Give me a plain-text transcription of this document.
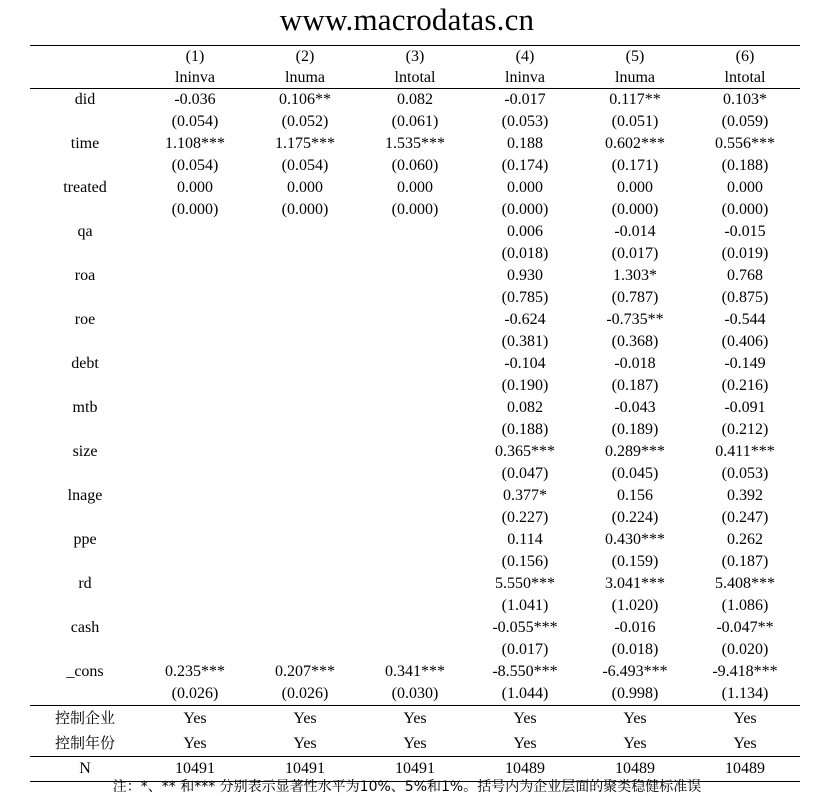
www.macrodatas.cn
	(1)	(2)	(3)	(4)	(5)	(6)
	lninva	lnuma	lntotal	lninva	lnuma	lntotal
did	-0.036	0.106**	0.082	-0.017	0.117**	0.103*
	(0.054)	(0.052)	(0.061)	(0.053)	(0.051)	(0.059)
time	1.108***	1.175***	1.535***	0.188	0.602***	0.556***
	(0.054)	(0.054)	(0.060)	(0.174)	(0.171)	(0.188)
treated	0.000	0.000	0.000	0.000	0.000	0.000
	(0.000)	(0.000)	(0.000)	(0.000)	(0.000)	(0.000)
qa				0.006	-0.014	-0.015
				(0.018)	(0.017)	(0.019)
roa				0.930	1.303*	0.768
				(0.785)	(0.787)	(0.875)
roe				-0.624	-0.735**	-0.544
				(0.381)	(0.368)	(0.406)
debt				-0.104	-0.018	-0.149
				(0.190)	(0.187)	(0.216)
mtb				0.082	-0.043	-0.091
				(0.188)	(0.189)	(0.212)
size				0.365***	0.289***	0.411***
				(0.047)	(0.045)	(0.053)
lnage				0.377*	0.156	0.392
				(0.227)	(0.224)	(0.247)
ppe				0.114	0.430***	0.262
				(0.156)	(0.159)	(0.187)
rd				5.550***	3.041***	5.408***
				(1.041)	(1.020)	(1.086)
cash				-0.055***	-0.016	-0.047**
				(0.017)	(0.018)	(0.020)
_cons	0.235***	0.207***	0.341***	-8.550***	-6.493***	-9.418***
	(0.026)	(0.026)	(0.030)	(1.044)	(0.998)	(1.134)
控制企业	Yes	Yes	Yes	Yes	Yes	Yes
控制年份	Yes	Yes	Yes	Yes	Yes	Yes
N	10491	10491	10491	10489	10489	10489
注：*、** 和*** 分别表示显著性水平为10%、5%和1%。括号内为企业层面的聚类稳健标准误
